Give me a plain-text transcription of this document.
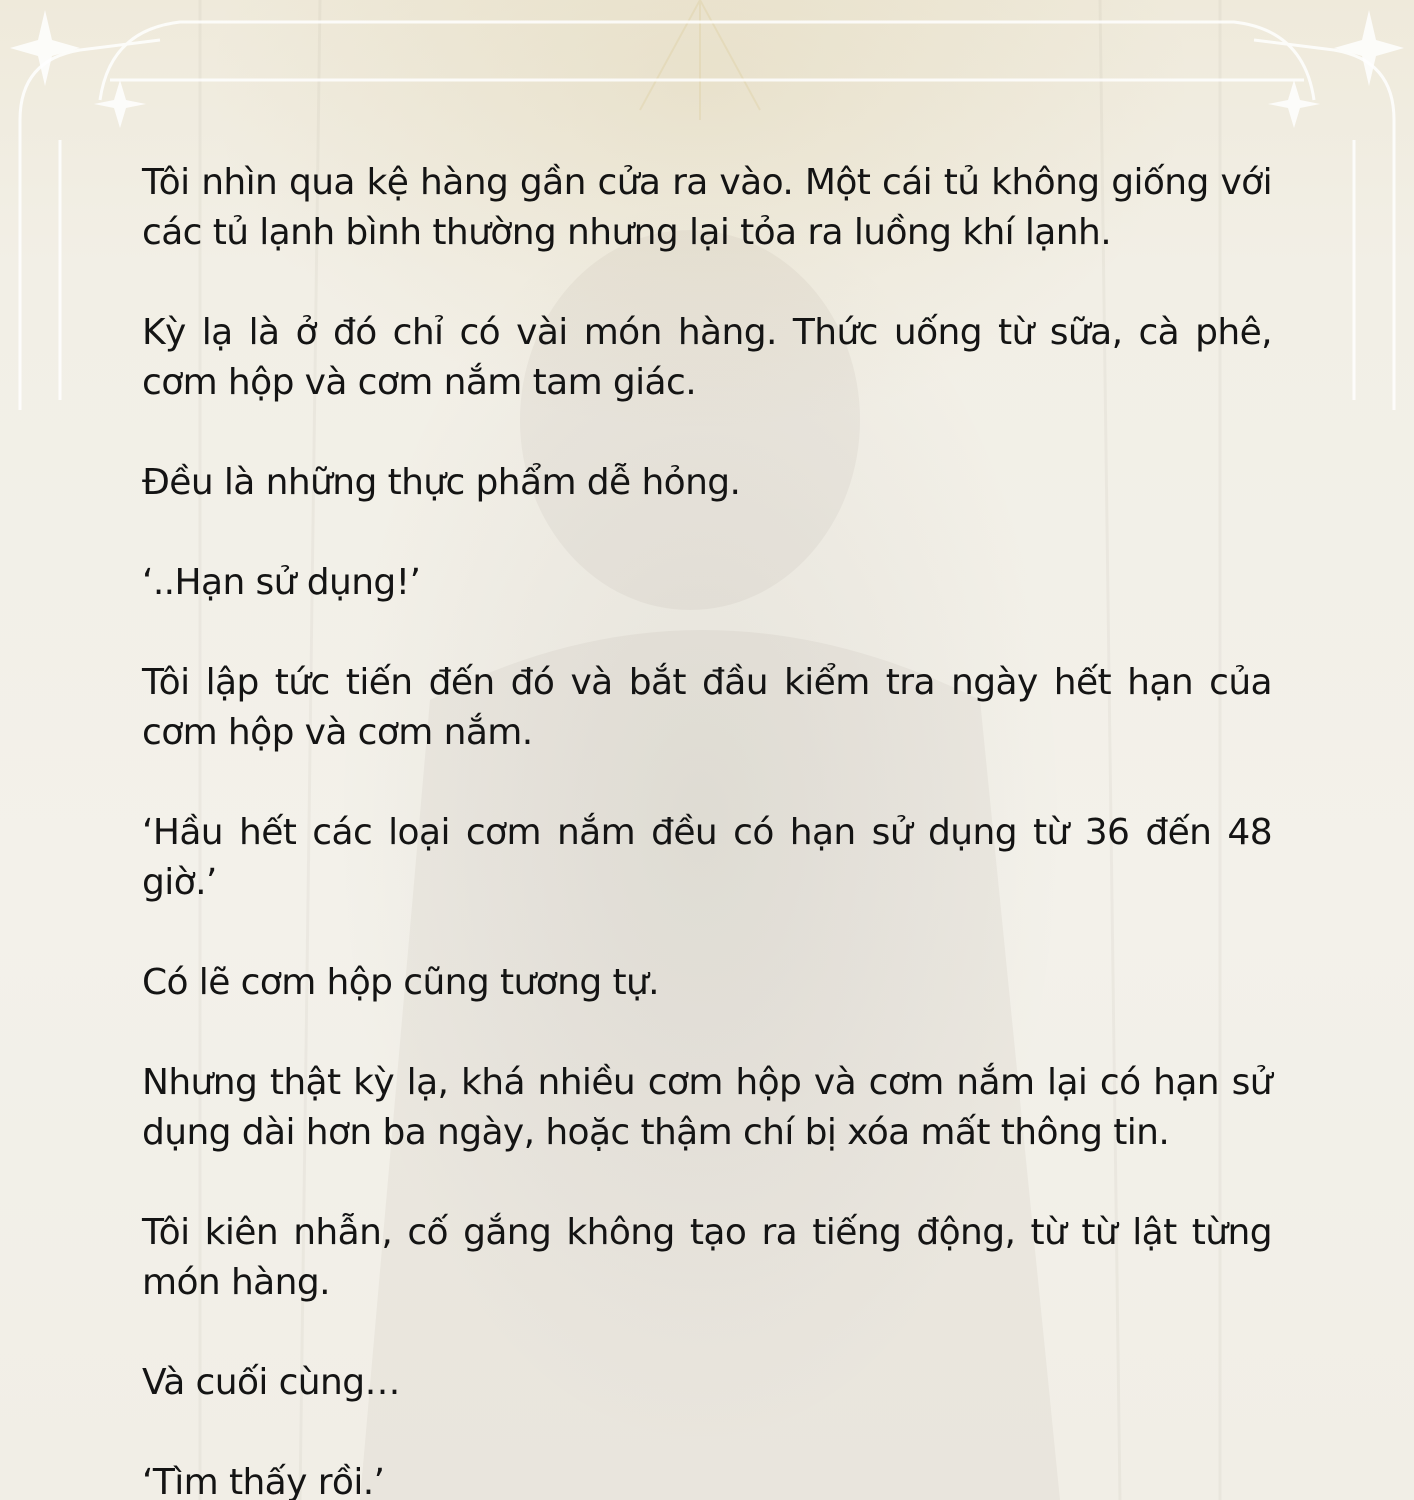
Tôi nhìn qua kệ hàng gần cửa ra vào. Một cái tủ không giống với các tủ lạnh bình thường nhưng lại tỏa ra luồng khí lạnh.

Kỳ lạ là ở đó chỉ có vài món hàng. Thức uống từ sữa, cà phê, cơm hộp và cơm nắm tam giác.

Đều là những thực phẩm dễ hỏng.

‘..Hạn sử dụng!’

Tôi lập tức tiến đến đó và bắt đầu kiểm tra ngày hết hạn của cơm hộp và cơm nắm.

‘Hầu hết các loại cơm nắm đều có hạn sử dụng từ 36 đến 48 giờ.’

Có lẽ cơm hộp cũng tương tự.

Nhưng thật kỳ lạ, khá nhiều cơm hộp và cơm nắm lại có hạn sử dụng dài hơn ba ngày, hoặc thậm chí bị xóa mất thông tin.

Tôi kiên nhẫn, cố gắng không tạo ra tiếng động, từ từ lật từng món hàng.

Và cuối cùng…

‘Tìm thấy rồi.’
